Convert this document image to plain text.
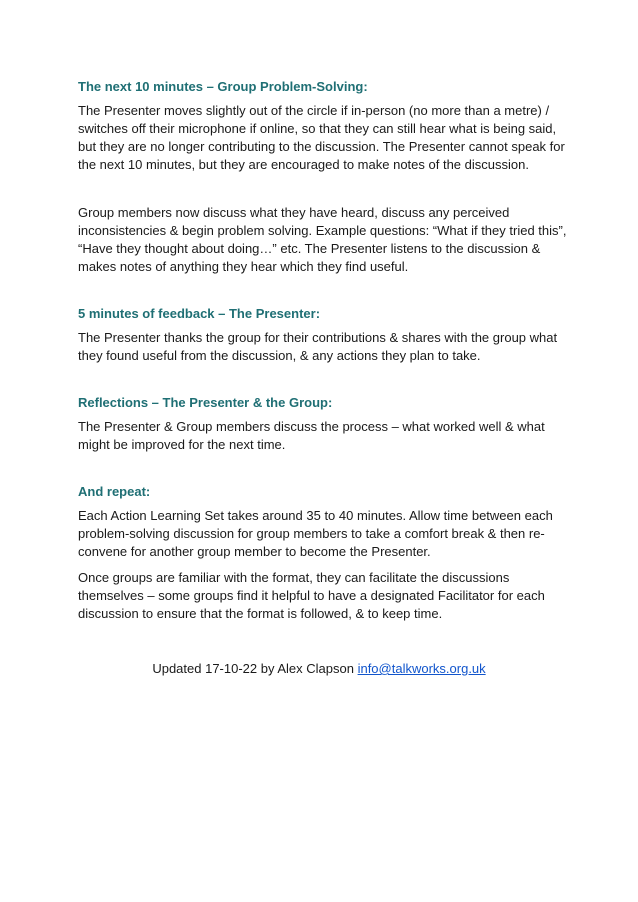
The next 10 minutes – Group Problem-Solving:

The Presenter moves slightly out of the circle if in-person (no more than a metre) / switches off their microphone if online, so that they can still hear what is being said, but they are no longer contributing to the discussion. The Presenter cannot speak for the next 10 minutes, but they are encouraged to make notes of the discussion.

Group members now discuss what they have heard, discuss any perceived inconsistencies & begin problem solving. Example questions: “What if they tried this”, “Have they thought about doing…” etc. The Presenter listens to the discussion & makes notes of anything they hear which they find useful.

5 minutes of feedback – The Presenter:

The Presenter thanks the group for their contributions & shares with the group what they found useful from the discussion, & any actions they plan to take.

Reflections – The Presenter & the Group:

The Presenter & Group members discuss the process – what worked well & what might be improved for the next time.

And repeat:

Each Action Learning Set takes around 35 to 40 minutes. Allow time between each problem-solving discussion for group members to take a comfort break & then re-convene for another group member to become the Presenter.

Once groups are familiar with the format, they can facilitate the discussions themselves – some groups find it helpful to have a designated Facilitator for each discussion to ensure that the format is followed, & to keep time.

Updated 17-10-22 by Alex Clapson info@talkworks.org.uk
